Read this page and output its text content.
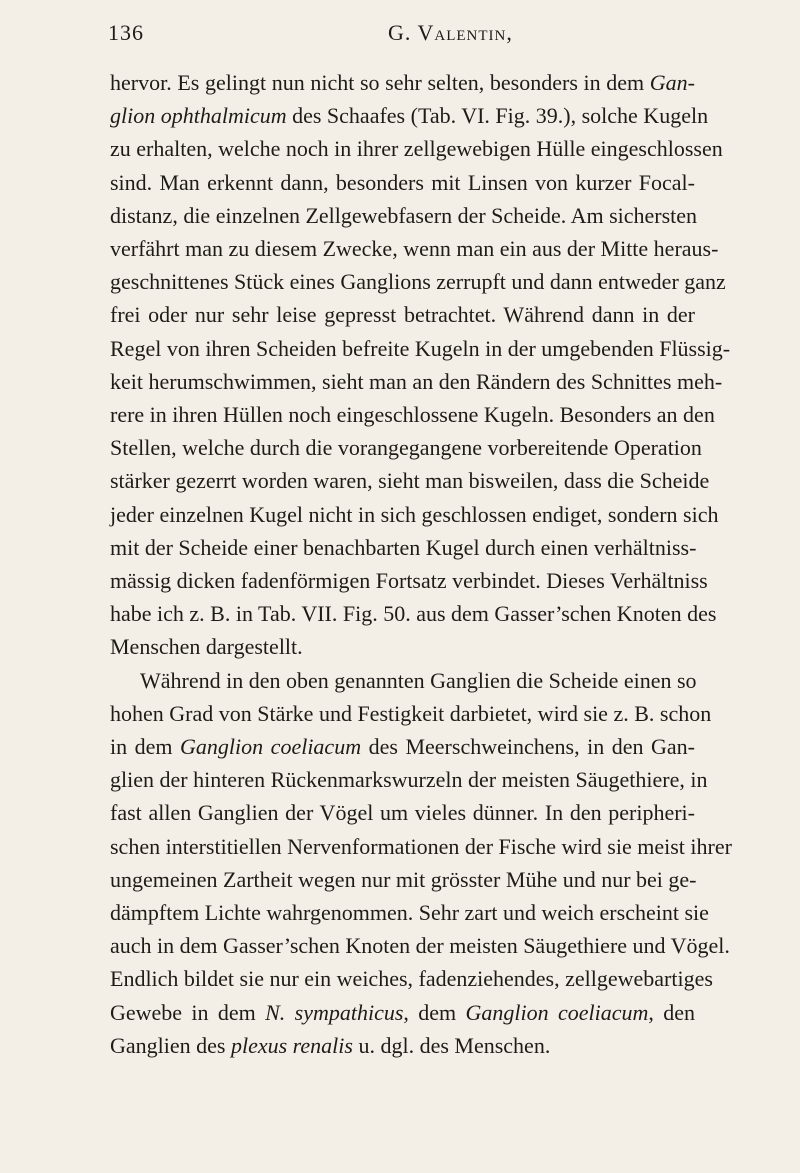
136	G. Valentin,
hervor. Es gelingt nun nicht so sehr selten, besonders in dem Gan-
glion ophthalmicum des Schaafes (Tab. VI. Fig. 39.), solche Kugeln
zu erhalten, welche noch in ihrer zellgewebigen Hülle eingeschlossen
sind. Man erkennt dann, besonders mit Linsen von kurzer Focal-
distanz, die einzelnen Zellgewebfasern der Scheide. Am sichersten
verfährt man zu diesem Zwecke, wenn man ein aus der Mitte heraus-
geschnittenes Stück eines Ganglions zerrupft und dann entweder ganz
frei oder nur sehr leise gepresst betrachtet. Während dann in der
Regel von ihren Scheiden befreite Kugeln in der umgebenden Flüssig-
keit herumschwimmen, sieht man an den Rändern des Schnittes meh-
rere in ihren Hüllen noch eingeschlossene Kugeln. Besonders an den
Stellen, welche durch die vorangegangene vorbereitende Operation
stärker gezerrt worden waren, sieht man bisweilen, dass die Scheide
jeder einzelnen Kugel nicht in sich geschlossen endiget, sondern sich
mit der Scheide einer benachbarten Kugel durch einen verhältniss-
mässig dicken fadenförmigen Fortsatz verbindet. Dieses Verhältniss
habe ich z. B. in Tab. VII. Fig. 50. aus dem Gasser’schen Knoten des
Menschen dargestellt.
Während in den oben genannten Ganglien die Scheide einen so
hohen Grad von Stärke und Festigkeit darbietet, wird sie z. B. schon
in dem Ganglion coeliacum des Meerschweinchens, in den Gan-
glien der hinteren Rückenmarkswurzeln der meisten Säugethiere, in
fast allen Ganglien der Vögel um vieles dünner. In den peripheri-
schen interstitiellen Nervenformationen der Fische wird sie meist ihrer
ungemeinen Zartheit wegen nur mit grösster Mühe und nur bei ge-
dämpftem Lichte wahrgenommen. Sehr zart und weich erscheint sie
auch in dem Gasser’schen Knoten der meisten Säugethiere und Vögel.
Endlich bildet sie nur ein weiches, fadenziehendes, zellgewebartiges
Gewebe in dem N. sympathicus, dem Ganglion coeliacum, den
Ganglien des plexus renalis u. dgl. des Menschen.
